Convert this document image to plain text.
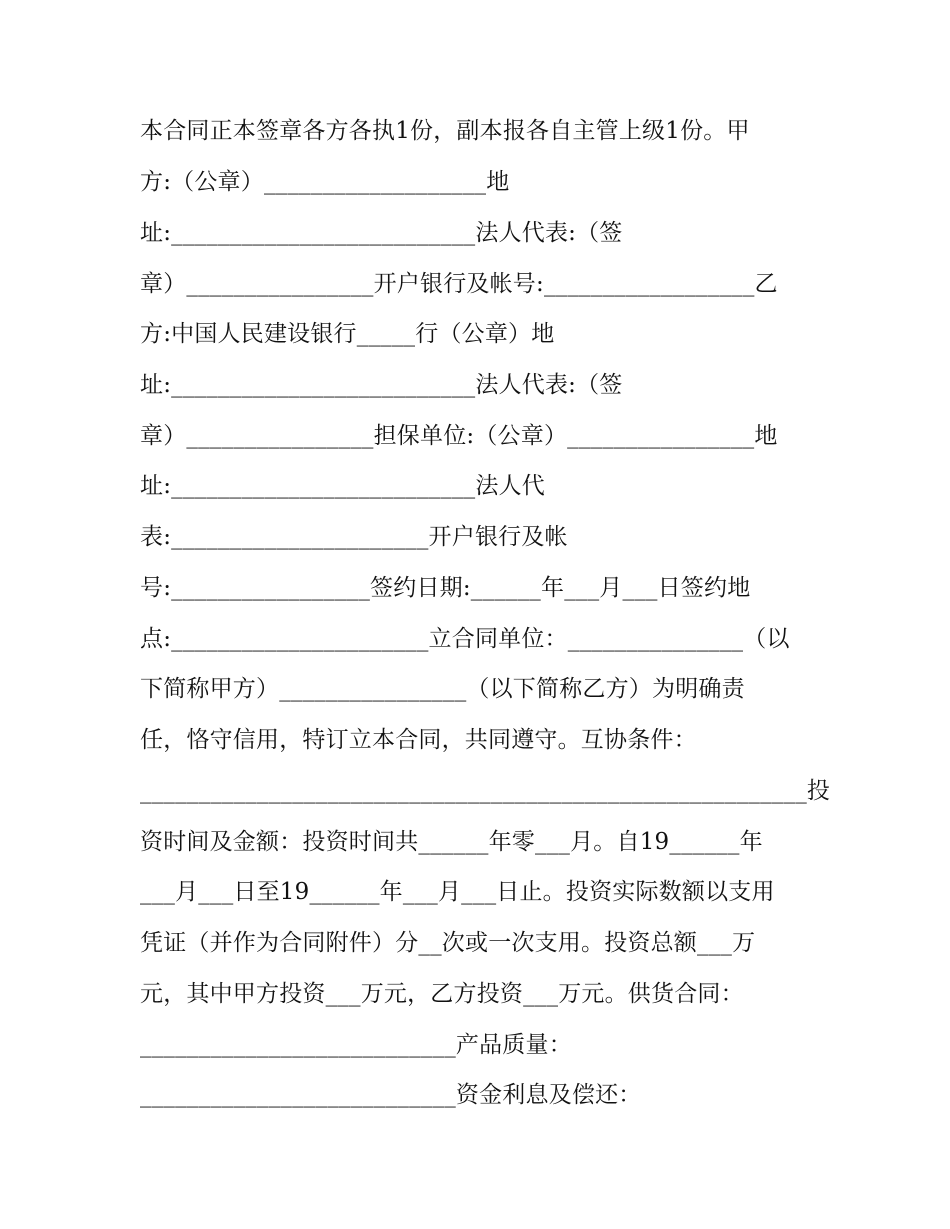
本合同正本签章各方各执1份，副本报各自主管上级1份。甲
方:（公章）___________________地
址:__________________________法人代表:（签
章）________________开户银行及帐号:__________________乙
方:中国人民建设银行_____行（公章）地
址:__________________________法人代表:（签
章）________________担保单位:（公章）________________地
址:__________________________法人代
表:______________________开户银行及帐
号:_________________签约日期:______年___月___日签约地
点:______________________立合同单位：_______________（以
下简称甲方）________________（以下简称乙方）为明确责
任，恪守信用，特订立本合同，共同遵守。互协条件：
_________________________________________________________投
资时间及金额：投资时间共______年零___月。自19______年
___月___日至19______年___月___日止。投资实际数额以支用
凭证（并作为合同附件）分__次或一次支用。投资总额___万
元，其中甲方投资___万元，乙方投资___万元。供货合同：
___________________________产品质量：
___________________________资金利息及偿还：
